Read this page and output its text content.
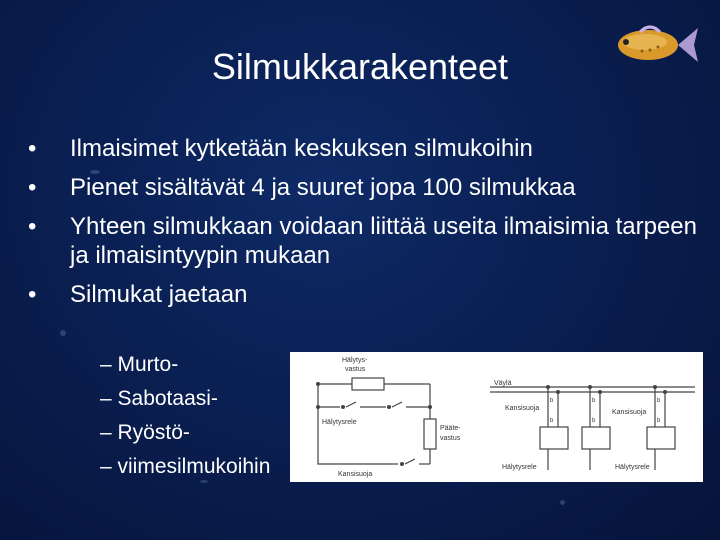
Silmukkarakenteet
• Ilmaisimet kytketään keskuksen silmukoihin
• Pienet sisältävät 4 ja suuret jopa 100 silmukkaa
• Yhteen silmukkaan voidaan liittää useita ilmaisimia tarpeen ja ilmaisintyypin mukaan
• Silmukat jaetaan
– Murto-
– Sabotaasi-
– Ryöstö-
– viimesilmukoihin
Hälytys-
vastus
Hälytysrele
Pääte-
vastus
Kansisuoja
Väylä
Kansisuoja
Kansisuoja
Hälytysrele	Hälytysrele
b	b	b
b	b	b
